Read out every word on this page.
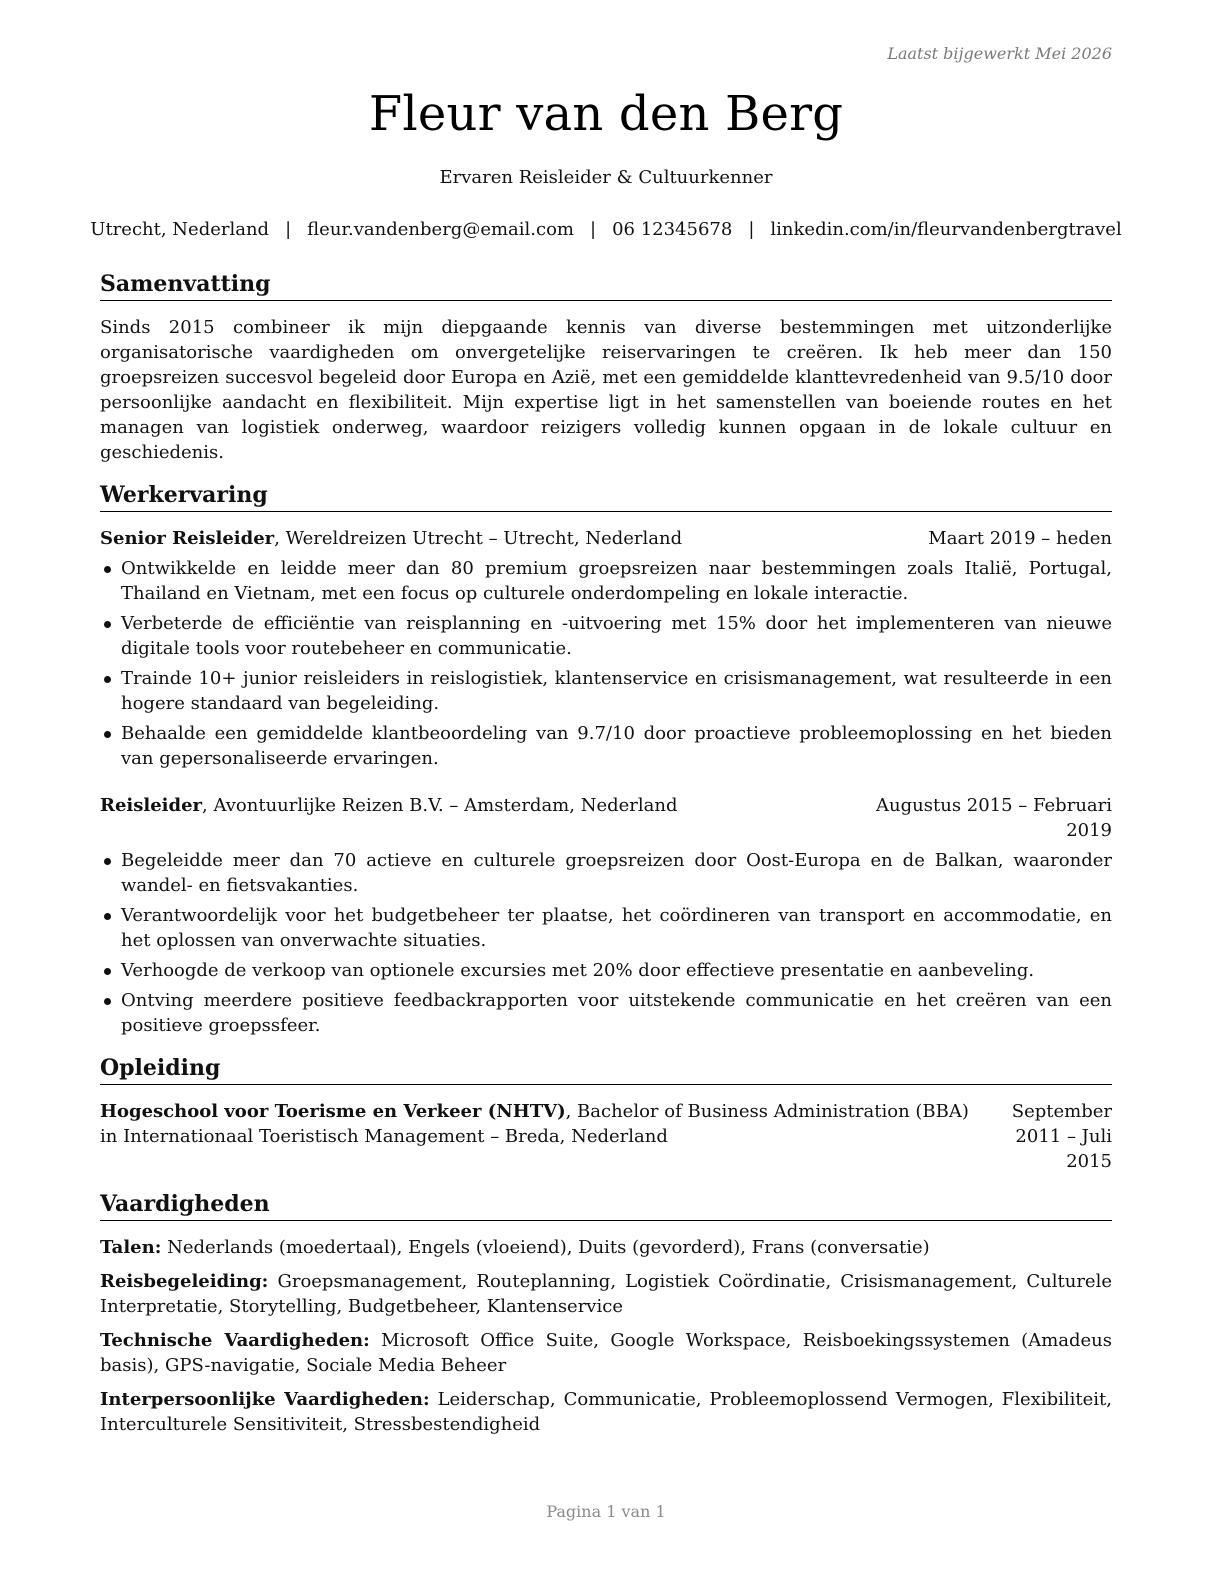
Laatst bijgewerkt Mei 2026
Fleur van den Berg
Ervaren Reisleider & Cultuurkenner
Utrecht, Nederland | fleur.vandenberg@email.com | 06 12345678 | linkedin.com/in/fleurvandenbergtravel
Samenvatting

Sinds 2015 combineer ik mijn diepgaande kennis van diverse bestemmingen met uitzonderlijke organisatorische vaardigheden om onvergetelijke reiservaringen te creëren. Ik heb meer dan 150 groepsreizen succesvol begeleid door Europa en Azië, met een gemiddelde klanttevredenheid van 9.5/10 door persoonlijke aandacht en flexibiliteit. Mijn expertise ligt in het samenstellen van boeiende routes en het managen van logistiek onderweg, waardoor reizigers volledig kunnen opgaan in de lokale cultuur en geschiedenis.

Werkervaring
Senior Reisleider, Wereldreizen Utrecht – Utrecht, Nederland	Maart 2019 – heden
Ontwikkelde en leidde meer dan 80 premium groepsreizen naar bestemmingen zoals Italië, Portugal, Thailand en Vietnam, met een focus op culturele onderdompeling en lokale interactie.
Verbeterde de efficiëntie van reisplanning en -uitvoering met 15% door het implementeren van nieuwe digitale tools voor routebeheer en communicatie.
Trainde 10+ junior reisleiders in reislogistiek, klantenservice en crisismanagement, wat resulteerde in een hogere standaard van begeleiding.
Behaalde een gemiddelde klantbeoordeling van 9.7/10 door proactieve probleemoplossing en het bieden van gepersonaliseerde ervaringen.
Reisleider, Avontuurlijke Reizen B.V. – Amsterdam, Nederland	Augustus 2015 – Februari 2019
Begeleidde meer dan 70 actieve en culturele groepsreizen door Oost-Europa en de Balkan, waaronder wandel- en fietsvakanties.
Verantwoordelijk voor het budgetbeheer ter plaatse, het coördineren van transport en accommodatie, en het oplossen van onverwachte situaties.
Verhoogde de verkoop van optionele excursies met 20% door effectieve presentatie en aanbeveling.
Ontving meerdere positieve feedbackrapporten voor uitstekende communicatie en het creëren van een positieve groepssfeer.
Opleiding
Hogeschool voor Toerisme en Verkeer (NHTV), Bachelor of Business Administration (BBA) in Internationaal Toeristisch Management – Breda, Nederland
September 2011 – Juli 2015
Vaardigheden
Talen: Nederlands (moedertaal), Engels (vloeiend), Duits (gevorderd), Frans (conversatie)
Reisbegeleiding: Groepsmanagement, Routeplanning, Logistiek Coördinatie, Crisismanagement, Culturele Interpretatie, Storytelling, Budgetbeheer, Klantenservice
Technische Vaardigheden: Microsoft Office Suite, Google Workspace, Reisboekingssystemen (Amadeus basis), GPS-navigatie, Sociale Media Beheer
Interpersoonlijke Vaardigheden: Leiderschap, Communicatie, Probleemoplossend Vermogen, Flexibiliteit, Interculturele Sensitiviteit, Stressbestendigheid
Pagina 1 van 1
